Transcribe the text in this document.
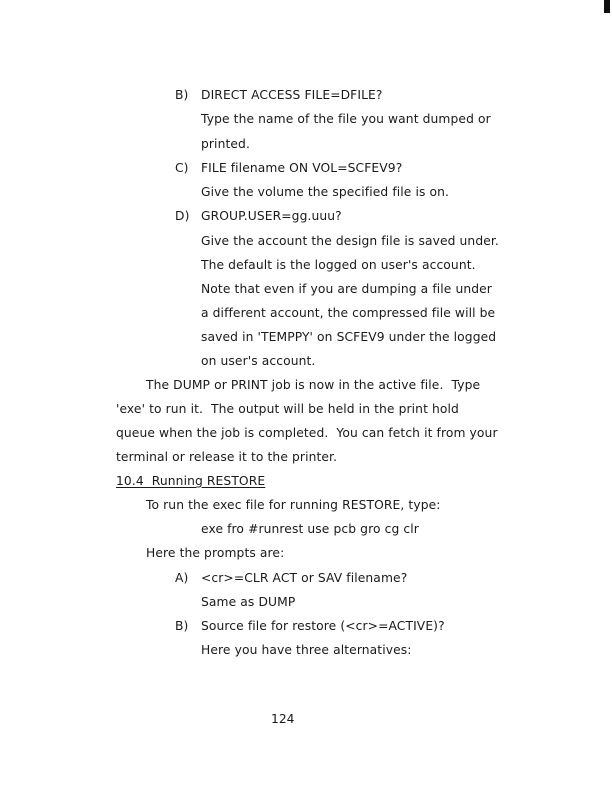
B) DIRECT ACCESS FILE=DFILE?
Type the name of the file you want dumped or
printed.
C) FILE filename ON VOL=SCFEV9?
Give the volume the specified file is on.
D) GROUP.USER=gg.uuu?
Give the account the design file is saved under.
The default is the logged on user's account.
Note that even if you are dumping a file under
a different account, the compressed file will be
saved in 'TEMPPY' on SCFEV9 under the logged
on user's account.
The DUMP or PRINT job is now in the active file.  Type
'exe' to run it.  The output will be held in the print hold
queue when the job is completed.  You can fetch it from your
terminal or release it to the printer.
10.4  Running RESTORE
To run the exec file for running RESTORE, type:
exe fro #runrest use pcb gro cg clr
Here the prompts are:
A) <cr>=CLR ACT or SAV filename?
Same as DUMP
B) Source file for restore (<cr>=ACTIVE)?
Here you have three alternatives:
124
